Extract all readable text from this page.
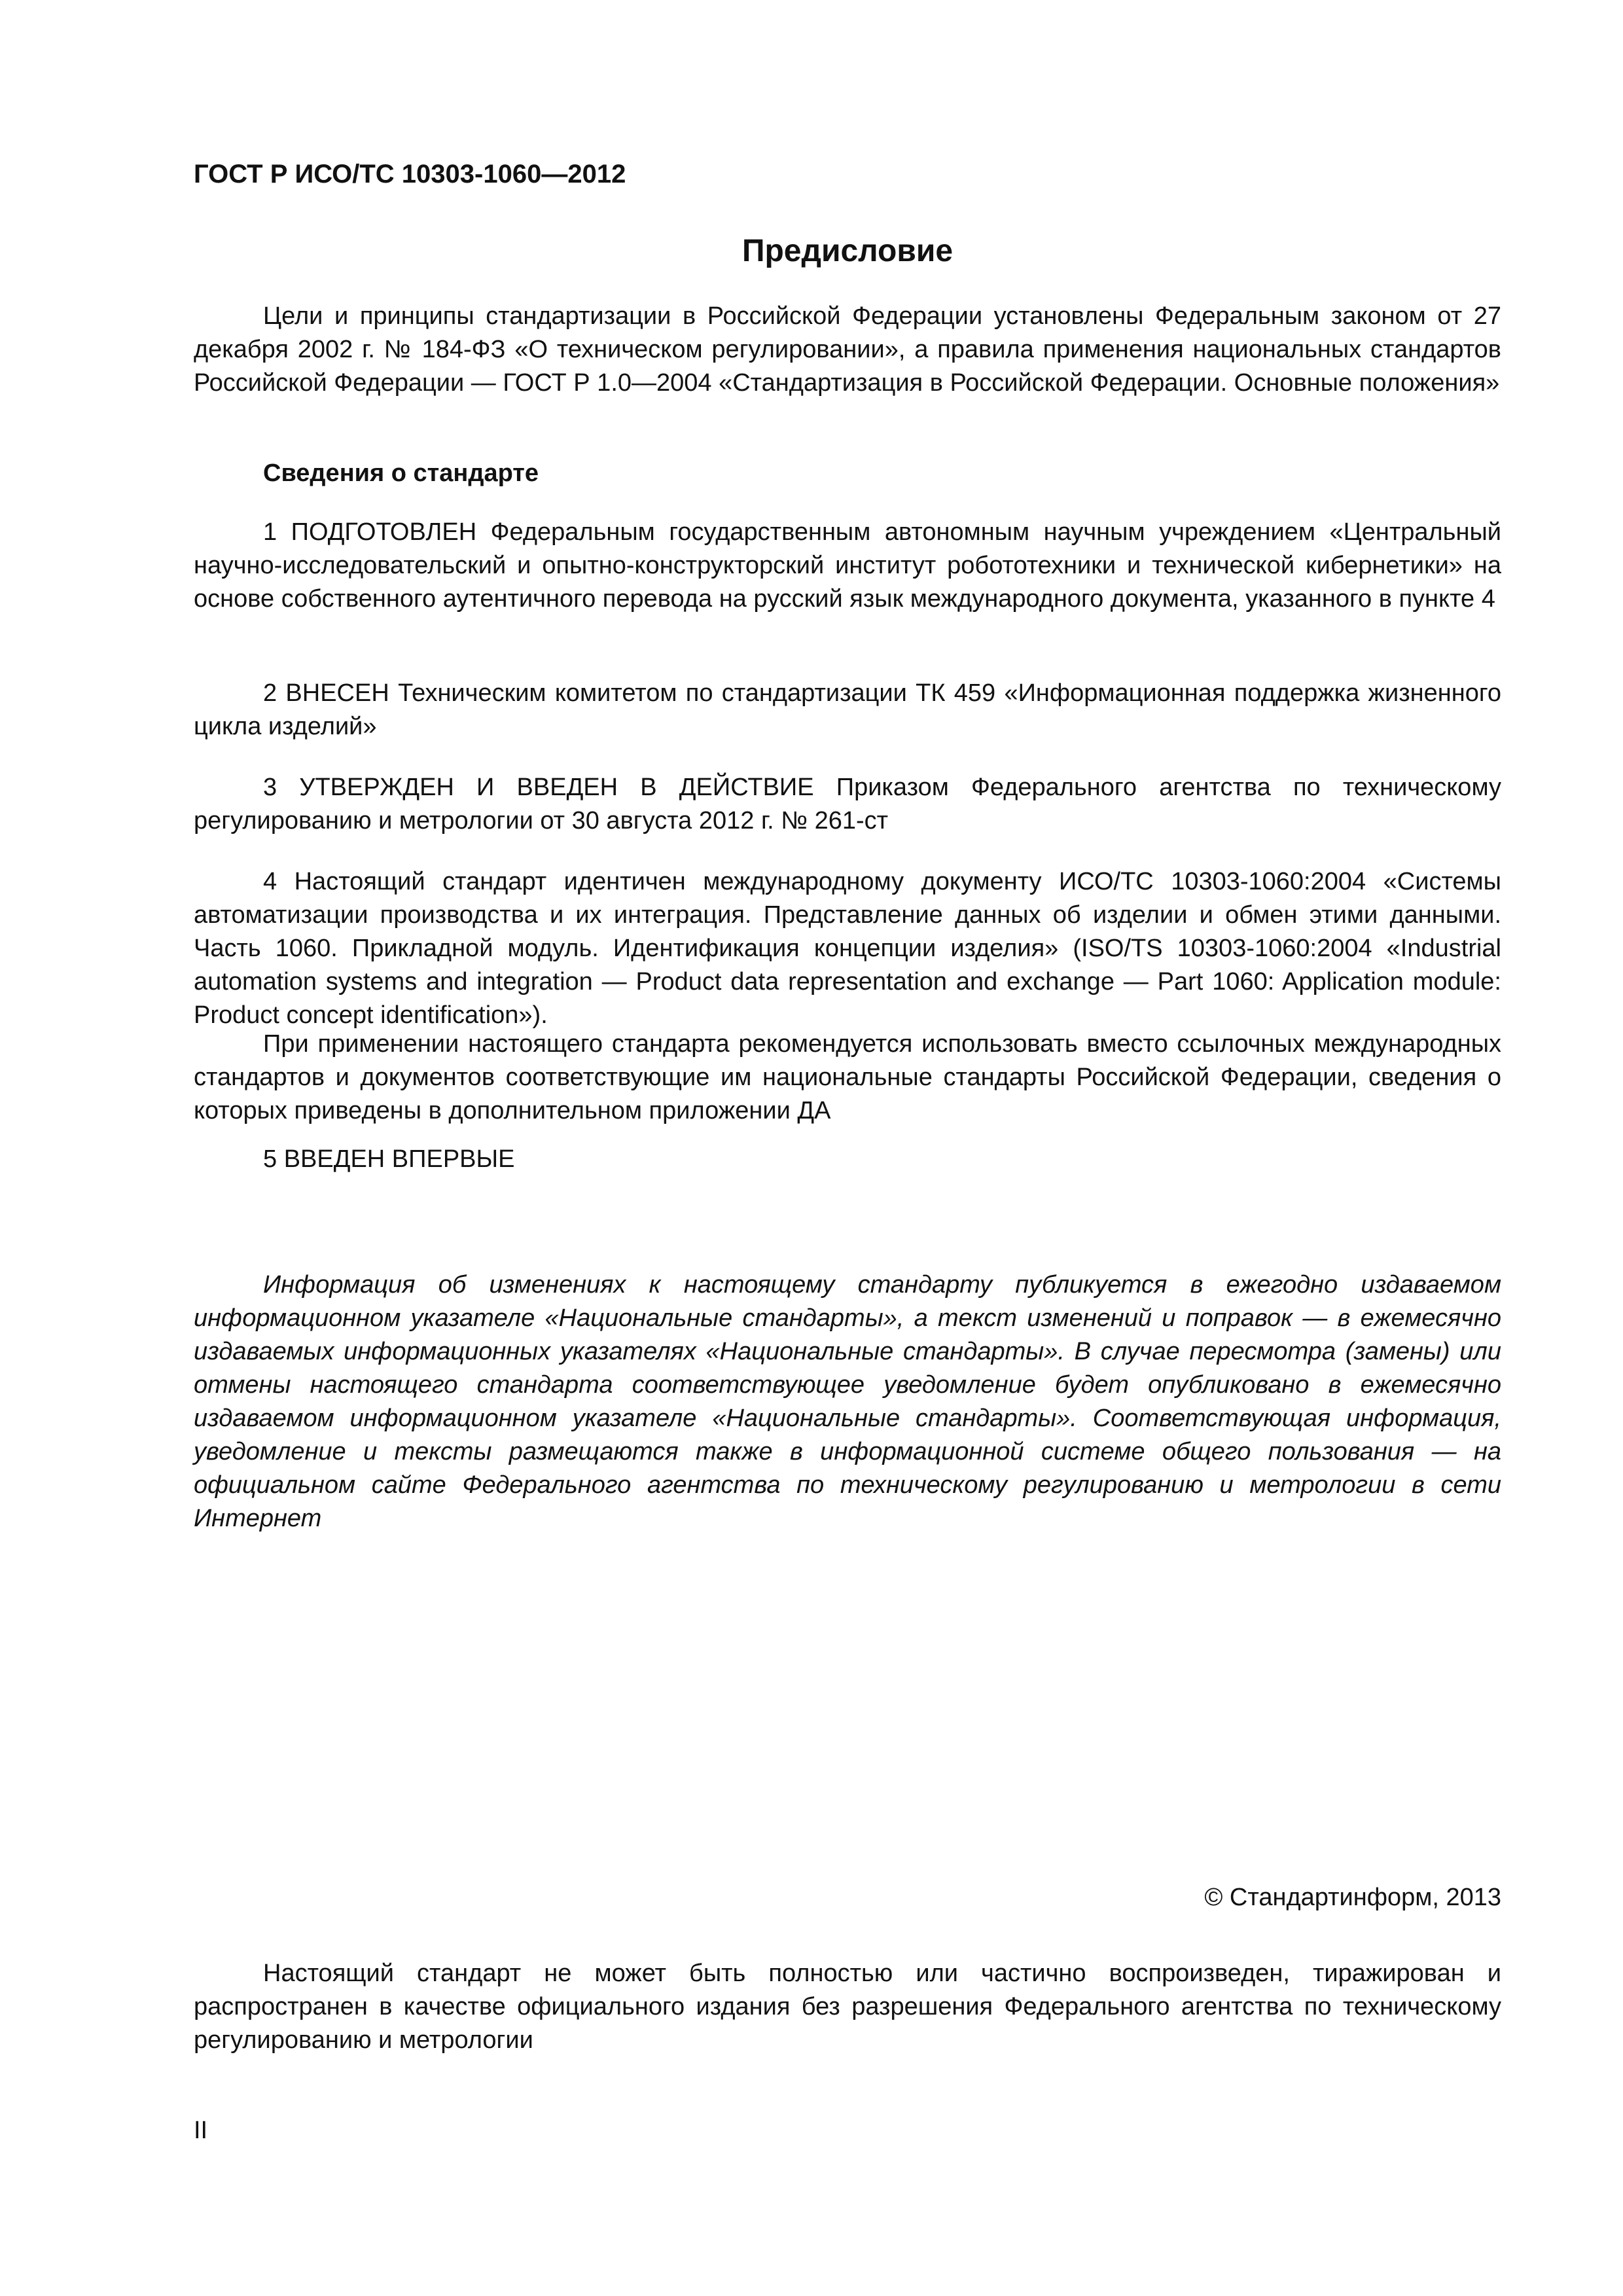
ГОСТ Р ИСО/ТС 10303-1060—2012

Предисловие

Цели и принципы стандартизации в Российской Федерации установлены Федеральным законом от 27 декабря 2002 г. № 184-ФЗ «О техническом регулировании», а правила применения национальных стандартов Российской Федерации — ГОСТ Р 1.0—2004 «Стандартизация в Российской Федерации. Основные положения»

Сведения о стандарте

1 ПОДГОТОВЛЕН Федеральным государственным автономным научным учреждением «Центральный научно-исследовательский и опытно-конструкторский институт робототехники и технической кибернетики» на основе собственного аутентичного перевода на русский язык международного документа, указанного в пункте 4

2 ВНЕСЕН Техническим комитетом по стандартизации ТК 459 «Информационная поддержка жизненного цикла изделий»

3 УТВЕРЖДЕН И ВВЕДЕН В ДЕЙСТВИЕ Приказом Федерального агентства по техническому регулированию и метрологии от 30 августа 2012 г. № 261-ст

4 Настоящий стандарт идентичен международному документу ИСО/ТС 10303-1060:2004 «Системы автоматизации производства и их интеграция. Представление данных об изделии и обмен этими данными. Часть 1060. Прикладной модуль. Идентификация концепции изделия» (ISO/TS 10303-1060:2004 «Industrial automation systems and integration — Product data representation and exchange — Part 1060: Application module: Product concept identification»).

При применении настоящего стандарта рекомендуется использовать вместо ссылочных международных стандартов и документов соответствующие им национальные стандарты Российской Федерации, сведения о которых приведены в дополнительном приложении ДА

5 ВВЕДЕН ВПЕРВЫЕ

Информация об изменениях к настоящему стандарту публикуется в ежегодно издаваемом информационном указателе «Национальные стандарты», а текст изменений и поправок — в ежемесячно издаваемых информационных указателях «Национальные стандарты». В случае пересмотра (замены) или отмены настоящего стандарта соответствующее уведомление будет опубликовано в ежемесячно издаваемом информационном указателе «Национальные стандарты». Соответствующая информация, уведомление и тексты размещаются также в информационной системе общего пользования — на официальном сайте Федерального агентства по техническому регулированию и метрологии в сети Интернет

© Стандартинформ, 2013

Настоящий стандарт не может быть полностью или частично воспроизведен, тиражирован и распространен в качестве официального издания без разрешения Федерального агентства по техническому регулированию и метрологии

II
